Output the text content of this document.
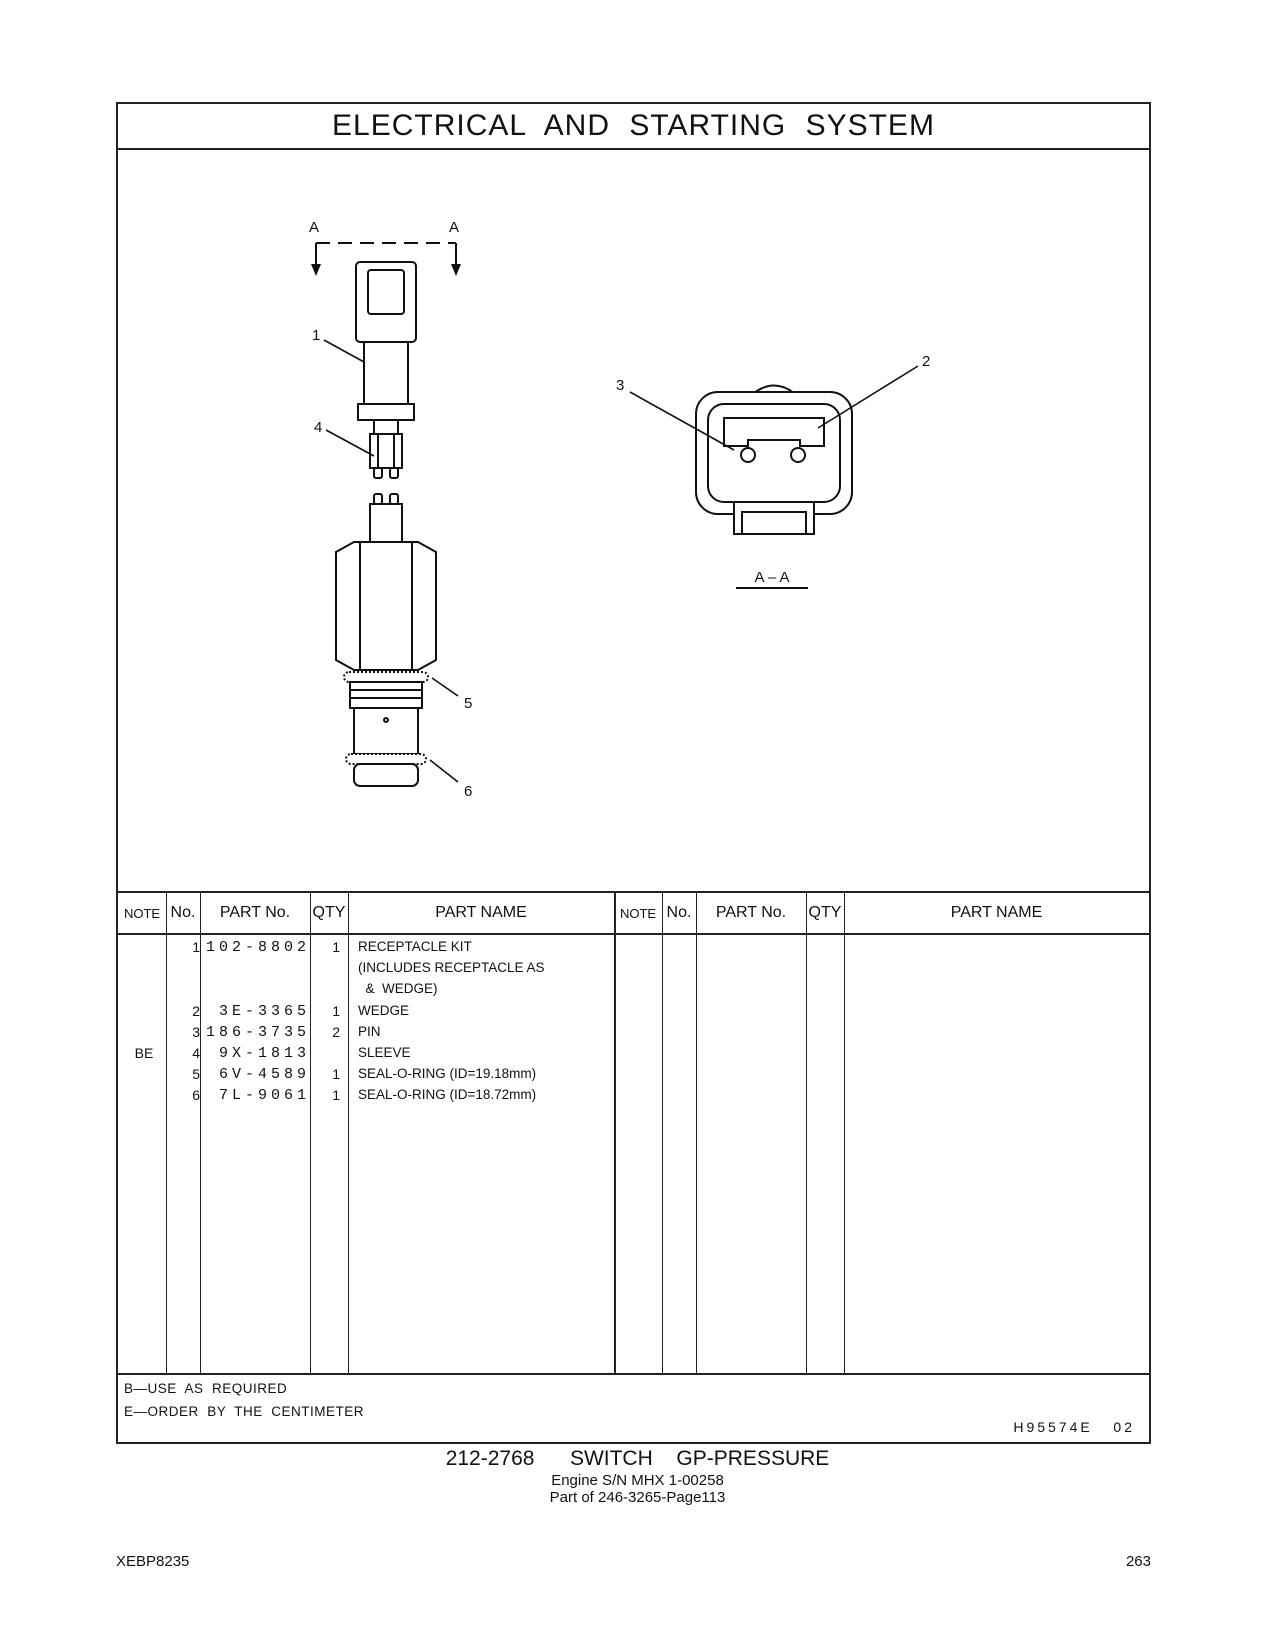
ELECTRICAL AND STARTING SYSTEM
A	A
A – A
1
2
3
4
5
6
NOTE No.	PART No.	QTY	PART NAME	NOTE No.	PART No.	QTY	PART NAME
1 102-8802	1 RECEPTACLE KIT
(INCLUDES RECEPTACLE AS
&  WEDGE)
2	3E-3365	1 WEDGE
3 186-3735	2 PIN
BE	4	9X-1813	SLEEVE
5	6V-4589	1 SEAL-O-RING (ID=19.18mm)
6	7L-9061	1 SEAL-O-RING (ID=18.72mm)
B—USE  AS  REQUIRED
E—ORDER  BY  THE  CENTIMETER
H95574E   02
212-2768   SWITCH  GP-PRESSURE
Engine S/N MHX 1-00258
Part of 246-3265-Page113
XEBP8235	263
